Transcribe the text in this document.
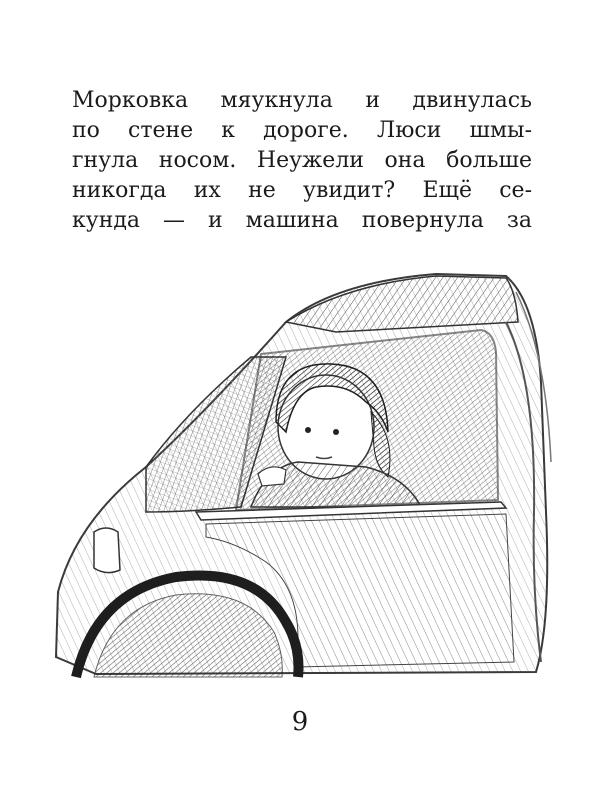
Морковка мяукнула и двинулась
по стене к дороге. Люси шмы-
гнула носом. Неужели она больше
никогда их не увидит? Ещё се-
кунда — и машина повернула за
9
